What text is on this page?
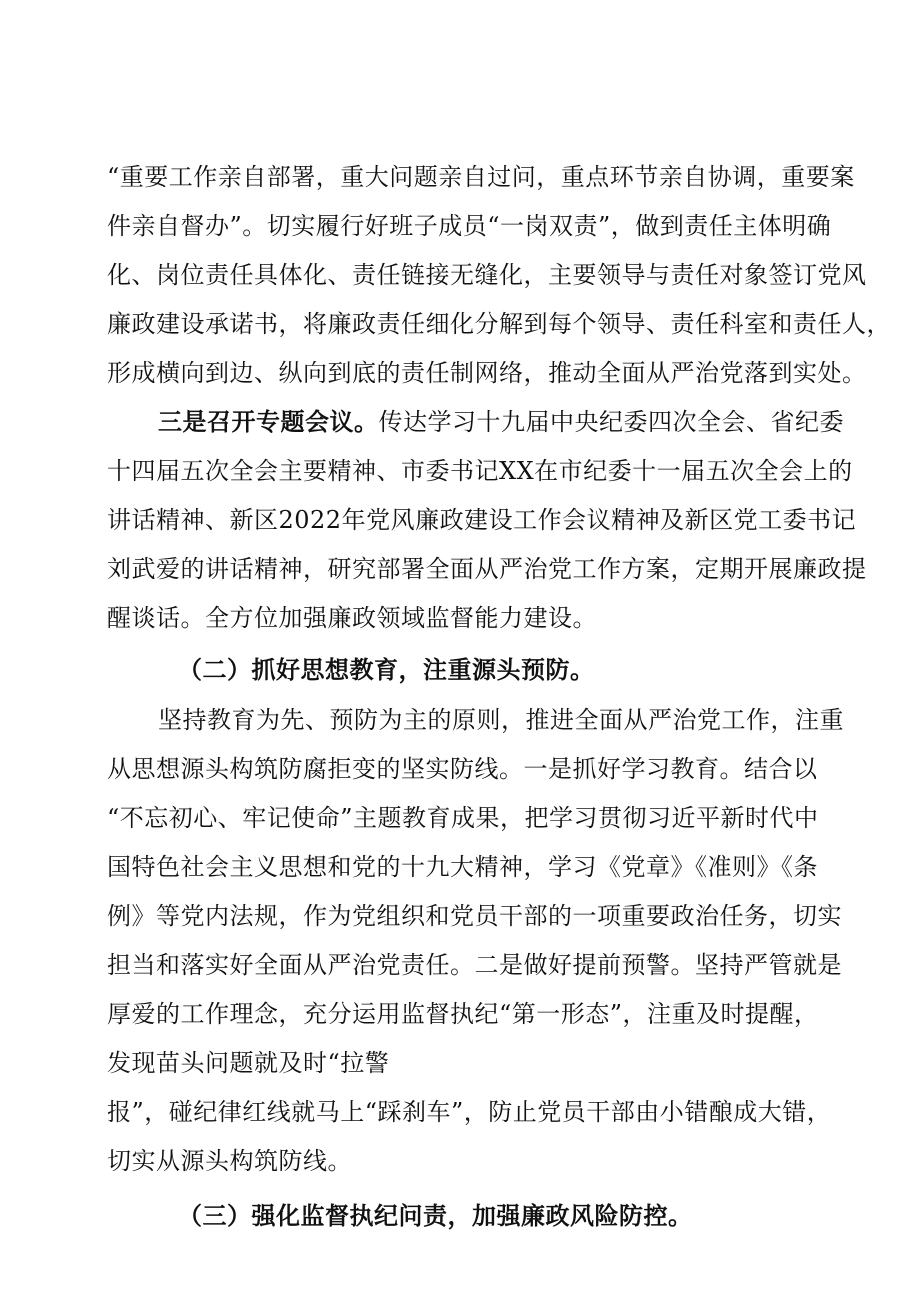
“重要工作亲自部署，重大问题亲自过问，重点环节亲自协调，重要案
件亲自督办”。切实履行好班子成员“一岗双责”，做到责任主体明确
化、岗位责任具体化、责任链接无缝化，主要领导与责任对象签订党风
廉政建设承诺书，将廉政责任细化分解到每个领导、责任科室和责任人，
形成横向到边、纵向到底的责任制网络，推动全面从严治党落到实处。
三是召开专题会议。传达学习十九届中央纪委四次全会、省纪委
十四届五次全会主要精神、市委书记XX在市纪委十一届五次全会上的
讲话精神、新区2022年党风廉政建设工作会议精神及新区党工委书记
刘武爱的讲话精神，研究部署全面从严治党工作方案，定期开展廉政提
醒谈话。全方位加强廉政领域监督能力建设。
（二）抓好思想教育，注重源头预防。
坚持教育为先、预防为主的原则，推进全面从严治党工作，注重
从思想源头构筑防腐拒变的坚实防线。一是抓好学习教育。结合以
“不忘初心、牢记使命”主题教育成果，把学习贯彻习近平新时代中
国特色社会主义思想和党的十九大精神，学习《党章》《准则》《条
例》等党内法规，作为党组织和党员干部的一项重要政治任务，切实
担当和落实好全面从严治党责任。二是做好提前预警。坚持严管就是
厚爱的工作理念，充分运用监督执纪“第一形态”，注重及时提醒，
发现苗头问题就及时“拉警
报”，碰纪律红线就马上“踩刹车”，防止党员干部由小错酿成大错，
切实从源头构筑防线。
（三）强化监督执纪问责，加强廉政风险防控。
